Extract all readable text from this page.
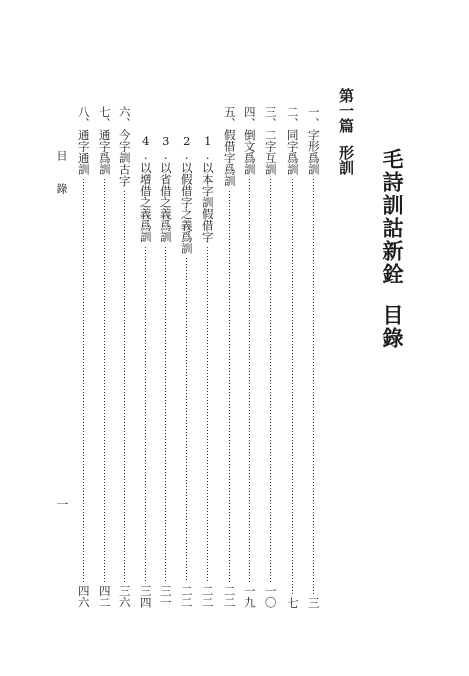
毛詩訓詁新銓目錄
第一篇形訓
一、字形爲訓
三
二、同字爲訓
七
三、二字互訓
一〇
四、倒文爲訓
一九
五、假借字爲訓
二二
1.以本字訓假借字
二二
2.以假借字之義爲訓
二二
3.以省借之義爲訓
三一
4.以增借之義爲訓
三四
六、今字訓古字
三六
七、通字爲訓
四二
八、通字通訓
四六
目錄
一
